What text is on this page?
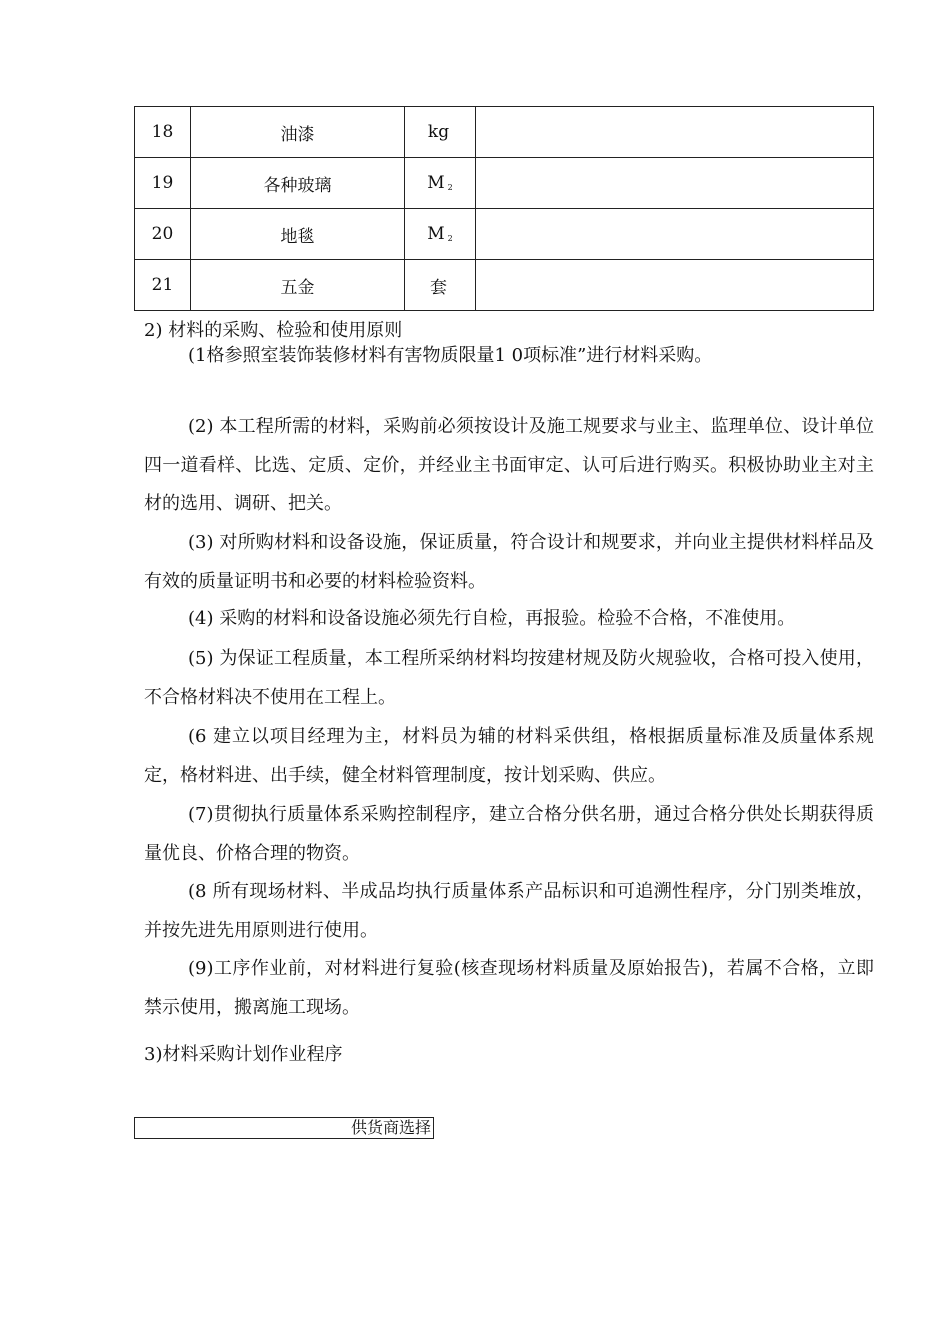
18	油漆	kg	
19	各种玻璃	M $_2$	
20	地毯	M $_2$	
21	五金	套	
2) 材料的采购、检验和使用原则
(1格参照室装饰装修材料有害物质限量1 0项标准”进行材料采购。
(2) 本工程所需的材料，采购前必须按设计及施工规要求与业主、监理单位、设计单位四一道看样、比选、定质、定价，并经业主书面审定、认可后进行购买。积极协助业主对主材的选用、调研、把关。
(3) 对所购材料和设备设施，保证质量，符合设计和规要求，并向业主提供材料样品及有效的质量证明书和必要的材料检验资料。
(4) 采购的材料和设备设施必须先行自检，再报验。检验不合格，不准使用。
(5) 为保证工程质量，本工程所采纳材料均按建材规及防火规验收，合格可投入使用，不合格材料决不使用在工程上。
(6 建立以项目经理为主，材料员为辅的材料采供组，格根据质量标准及质量体系规定，格材料进、出手续，健全材料管理制度，按计划采购、供应。
(7)贯彻执行质量体系采购控制程序，建立合格分供名册，通过合格分供处长期获得质量优良、价格合理的物资。
(8 所有现场材料、半成品均执行质量体系产品标识和可追溯性程序，分门别类堆放，并按先进先用原则进行使用。
(9)工序作业前，对材料进行复验(核查现场材料质量及原始报告)，若属不合格，立即禁示使用，搬离施工现场。
3)材料采购计划作业程序
供货商选择
